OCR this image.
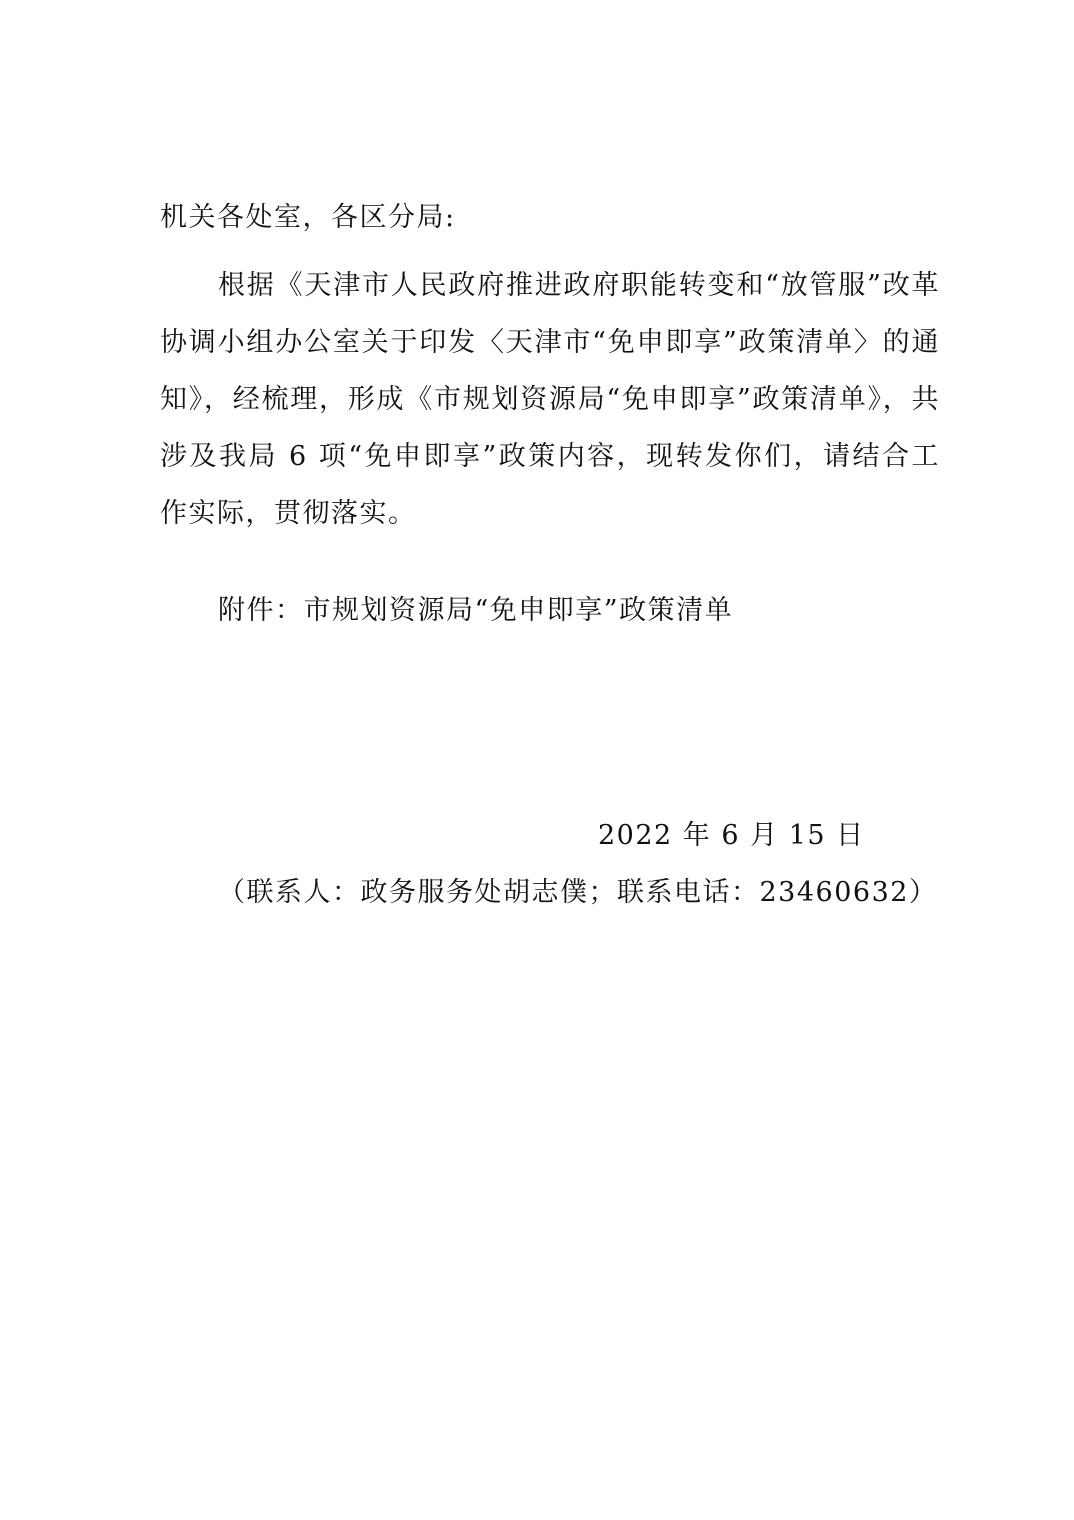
机关各处室，各区分局:
根据《天津市人民政府推进政府职能转变和“放管服”改革协调小组办公室关于印发〈天津市“免申即享”政策清单〉的通知》，经梳理，形成《市规划资源局“免申即享”政策清单》，共涉及我局 6 项“免申即享”政策内容，现转发你们，请结合工作实际，贯彻落实。
附件：市规划资源局“免申即享”政策清单
2022 年 6 月 15 日
（联系人：政务服务处胡志僕；联系电话：23460632）
